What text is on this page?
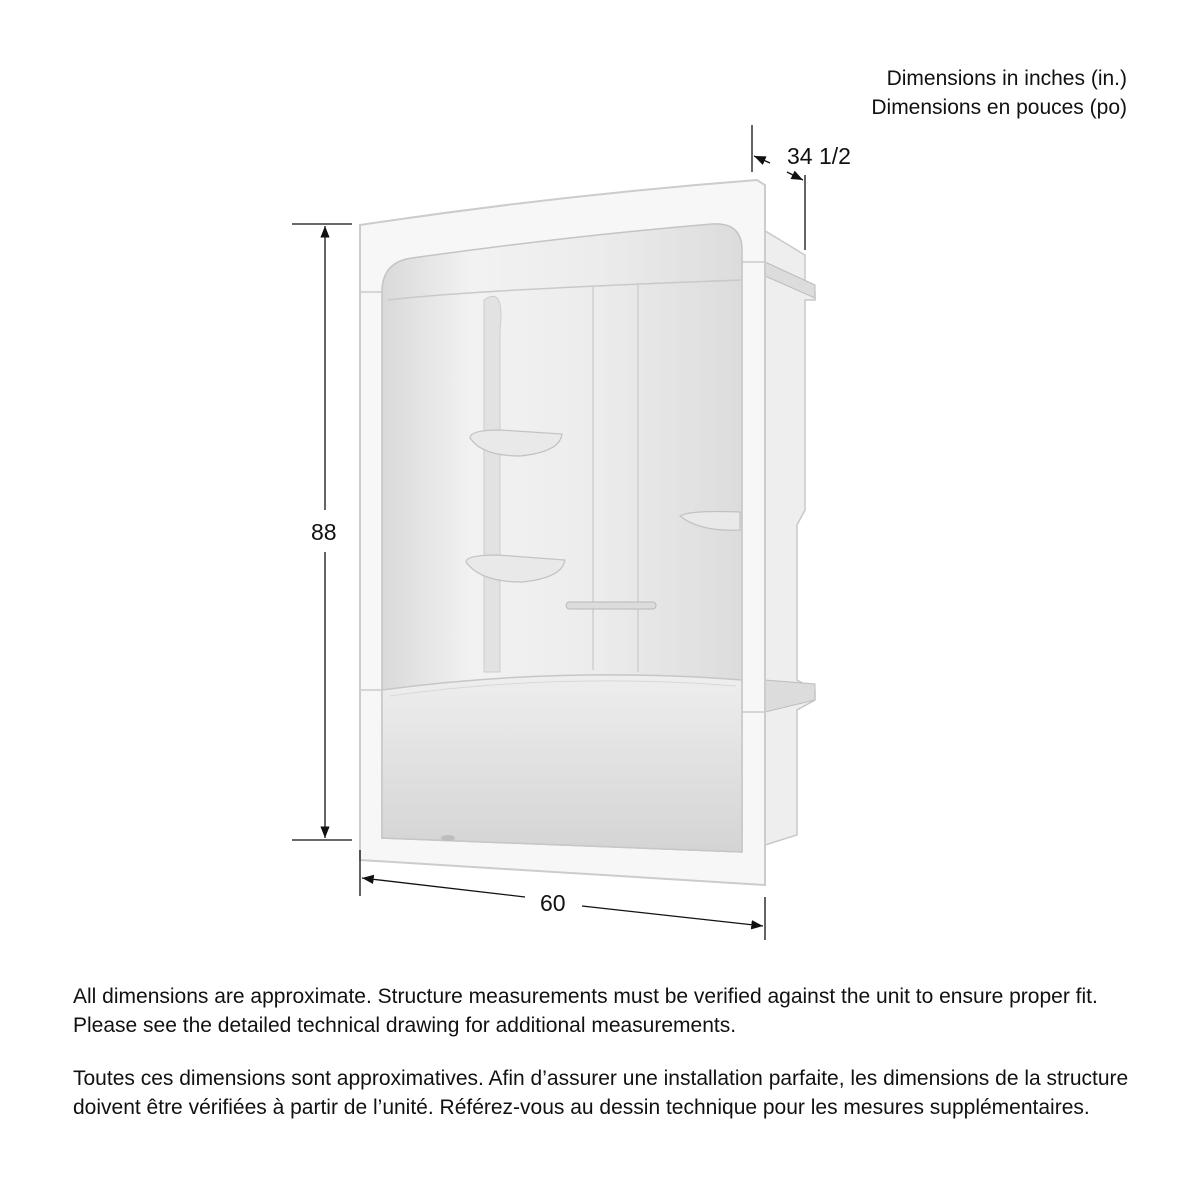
Dimensions in inches (in.)
Dimensions en pouces (po)
88
60
34 1/2

All dimensions are approximate. Structure measurements must be verified against the unit to ensure proper fit. Please see the detailed technical drawing for additional measurements.

Toutes ces dimensions sont approximatives. Afin d’assurer une installation parfaite, les dimensions de la structure doivent être vérifiées à partir de l’unité. Référez-vous au dessin technique pour les mesures supplémentaires.
